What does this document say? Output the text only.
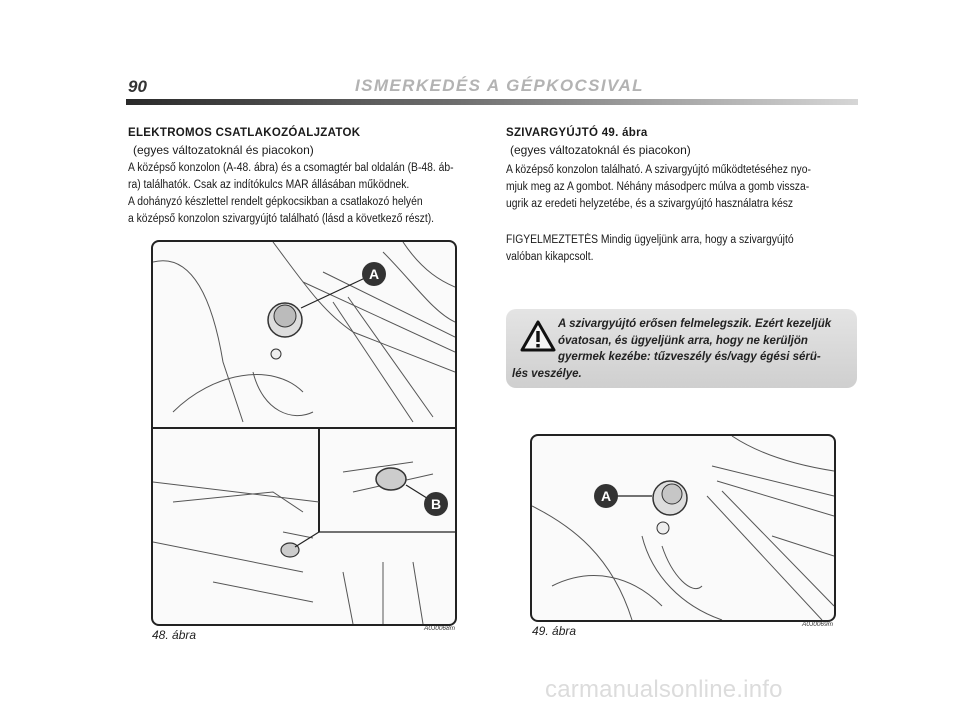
90	ISMERKEDÉS A GÉPKOCSIVAL
ELEKTROMOS CSATLAKOZÓALJZATOK
(egyes változatoknál és piacokon)
A középső konzolon (A-48. ábra) és a csomagtér bal oldalán (B-48. áb-
ra) találhatók. Csak az indítókulcs MAR állásában működnek.
A dohányzó készlettel rendelt gépkocsikban a csatlakozó helyén
a középső konzolon szivargyújtó található (lásd a következő részt).
A
B
48. ábra	A0J0068m
SZIVARGYÚJTÓ 49. ábra
(egyes változatoknál és piacokon)
A középső konzolon található. A szivargyújtó működtetéséhez nyo-
mjuk meg az A gombot. Néhány másodperc múlva a gomb vissza-
ugrik az eredeti helyzetébe, és a szivargyújtó használatra kész
FIGYELMEZTETÉS Mindig ügyeljünk arra, hogy a szivargyújtó
valóban kikapcsolt.
A szivargyújtó erősen felmelegszik. Ezért kezeljük
óvatosan, és ügyeljünk arra, hogy ne kerüljön
gyermek kezébe: tűzveszély és/vagy égési sérü-
lés veszélye.
A
49. ábra	A0J0069m
carmanualsonline.info
